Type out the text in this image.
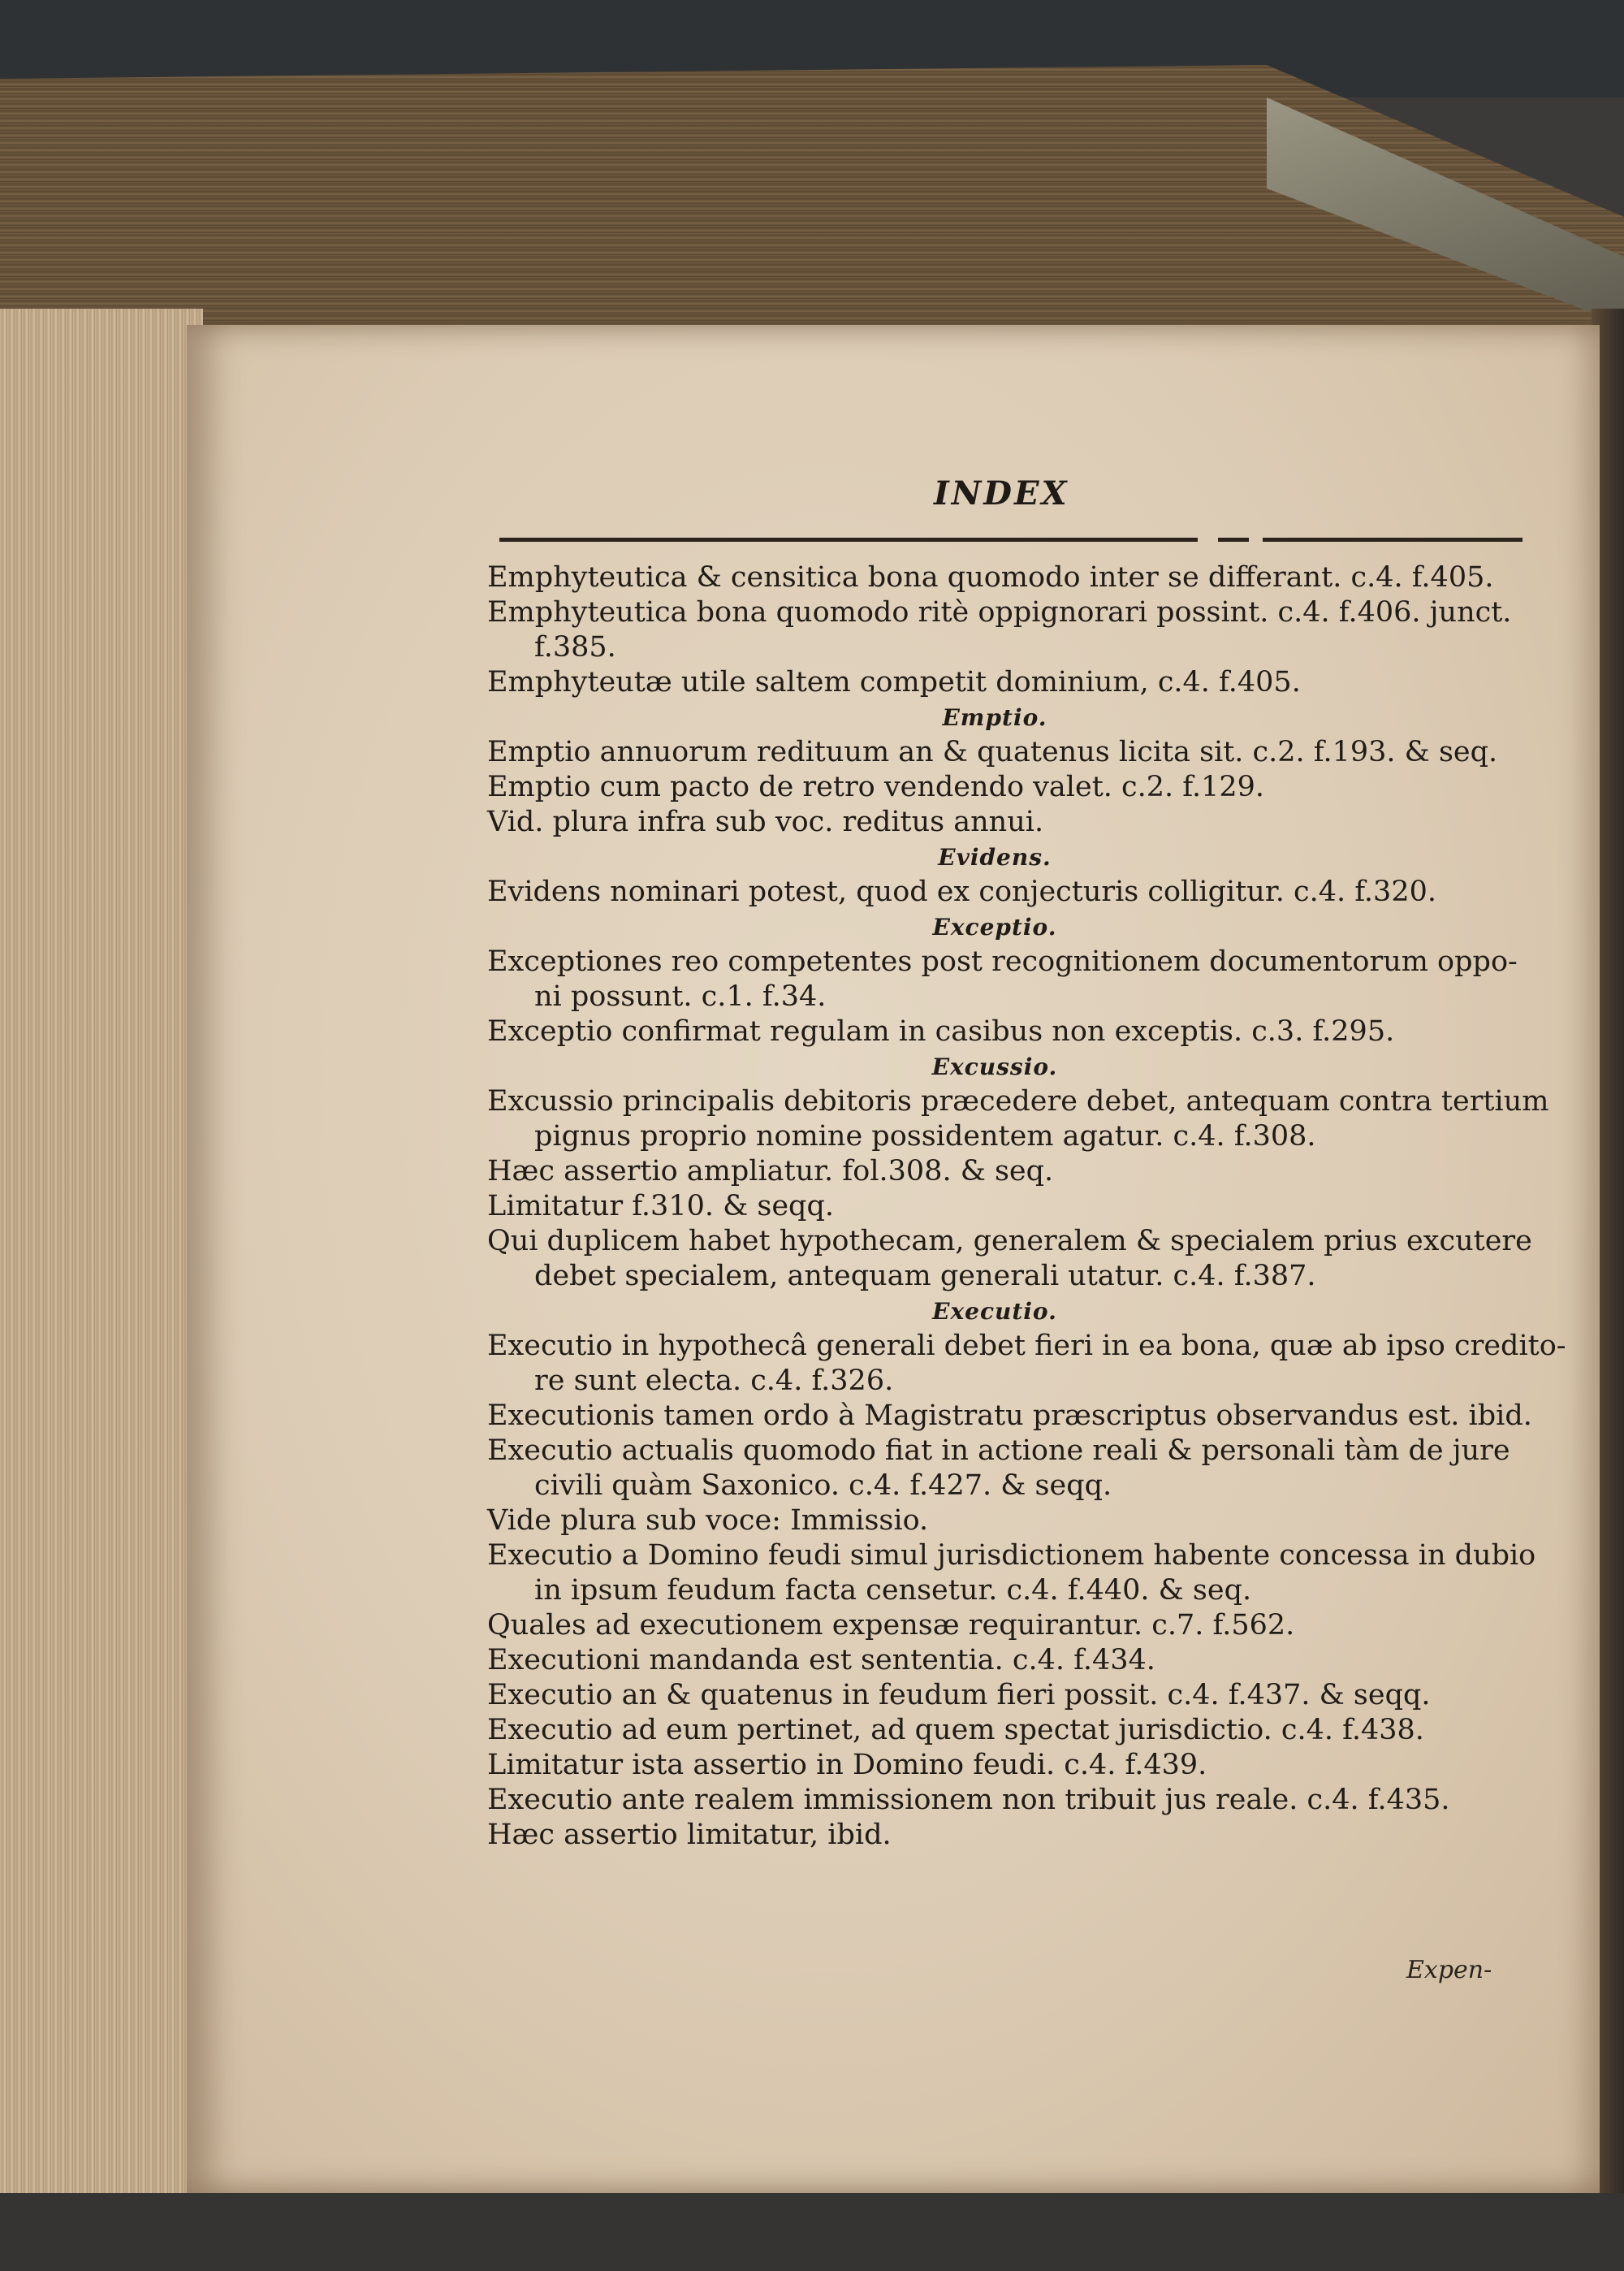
INDEX
Emphyteutica & censitica bona quomodo inter se differant. c.4. f.405.
Emphyteutica bona quomodo ritè oppignorari possint. c.4. f.406. junct.
f.385.
Emphyteutæ utile saltem competit dominium, c.4. f.405.
Emptio.
Emptio annuorum redituum an & quatenus licita sit. c.2. f.193. & seq.
Emptio cum pacto de retro vendendo valet. c.2. f.129.
Vid. plura infra sub voc. reditus annui.
Evidens.
Evidens nominari potest, quod ex conjecturis colligitur. c.4. f.320.
Exceptio.
Exceptiones reo competentes post recognitionem documentorum oppo-
ni possunt. c.1. f.34.
Exceptio confirmat regulam in casibus non exceptis. c.3. f.295.
Excussio.
Excussio principalis debitoris præcedere debet, antequam contra tertium
pignus proprio nomine possidentem agatur. c.4. f.308.
Hæc assertio ampliatur. fol.308. & seq.
Limitatur f.310. & seqq.
Qui duplicem habet hypothecam, generalem & specialem prius excutere
debet specialem, antequam generali utatur. c.4. f.387.
Executio.
Executio in hypothecâ generali debet fieri in ea bona, quæ ab ipso credito-
re sunt electa. c.4. f.326.
Executionis tamen ordo à Magistratu præscriptus observandus est. ibid.
Executio actualis quomodo fiat in actione reali & personali tàm de jure
civili quàm Saxonico. c.4. f.427. & seqq.
Vide plura sub voce: Immissio.
Executio a Domino feudi simul jurisdictionem habente concessa in dubio
in ipsum feudum facta censetur. c.4. f.440. & seq.
Quales ad executionem expensæ requirantur. c.7. f.562.
Executioni mandanda est sententia. c.4. f.434.
Executio an & quatenus in feudum fieri possit. c.4. f.437. & seqq.
Executio ad eum pertinet, ad quem spectat jurisdictio. c.4. f.438.
Limitatur ista assertio in Domino feudi. c.4. f.439.
Executio ante realem immissionem non tribuit jus reale. c.4. f.435.
Hæc assertio limitatur, ibid.
Expen-
